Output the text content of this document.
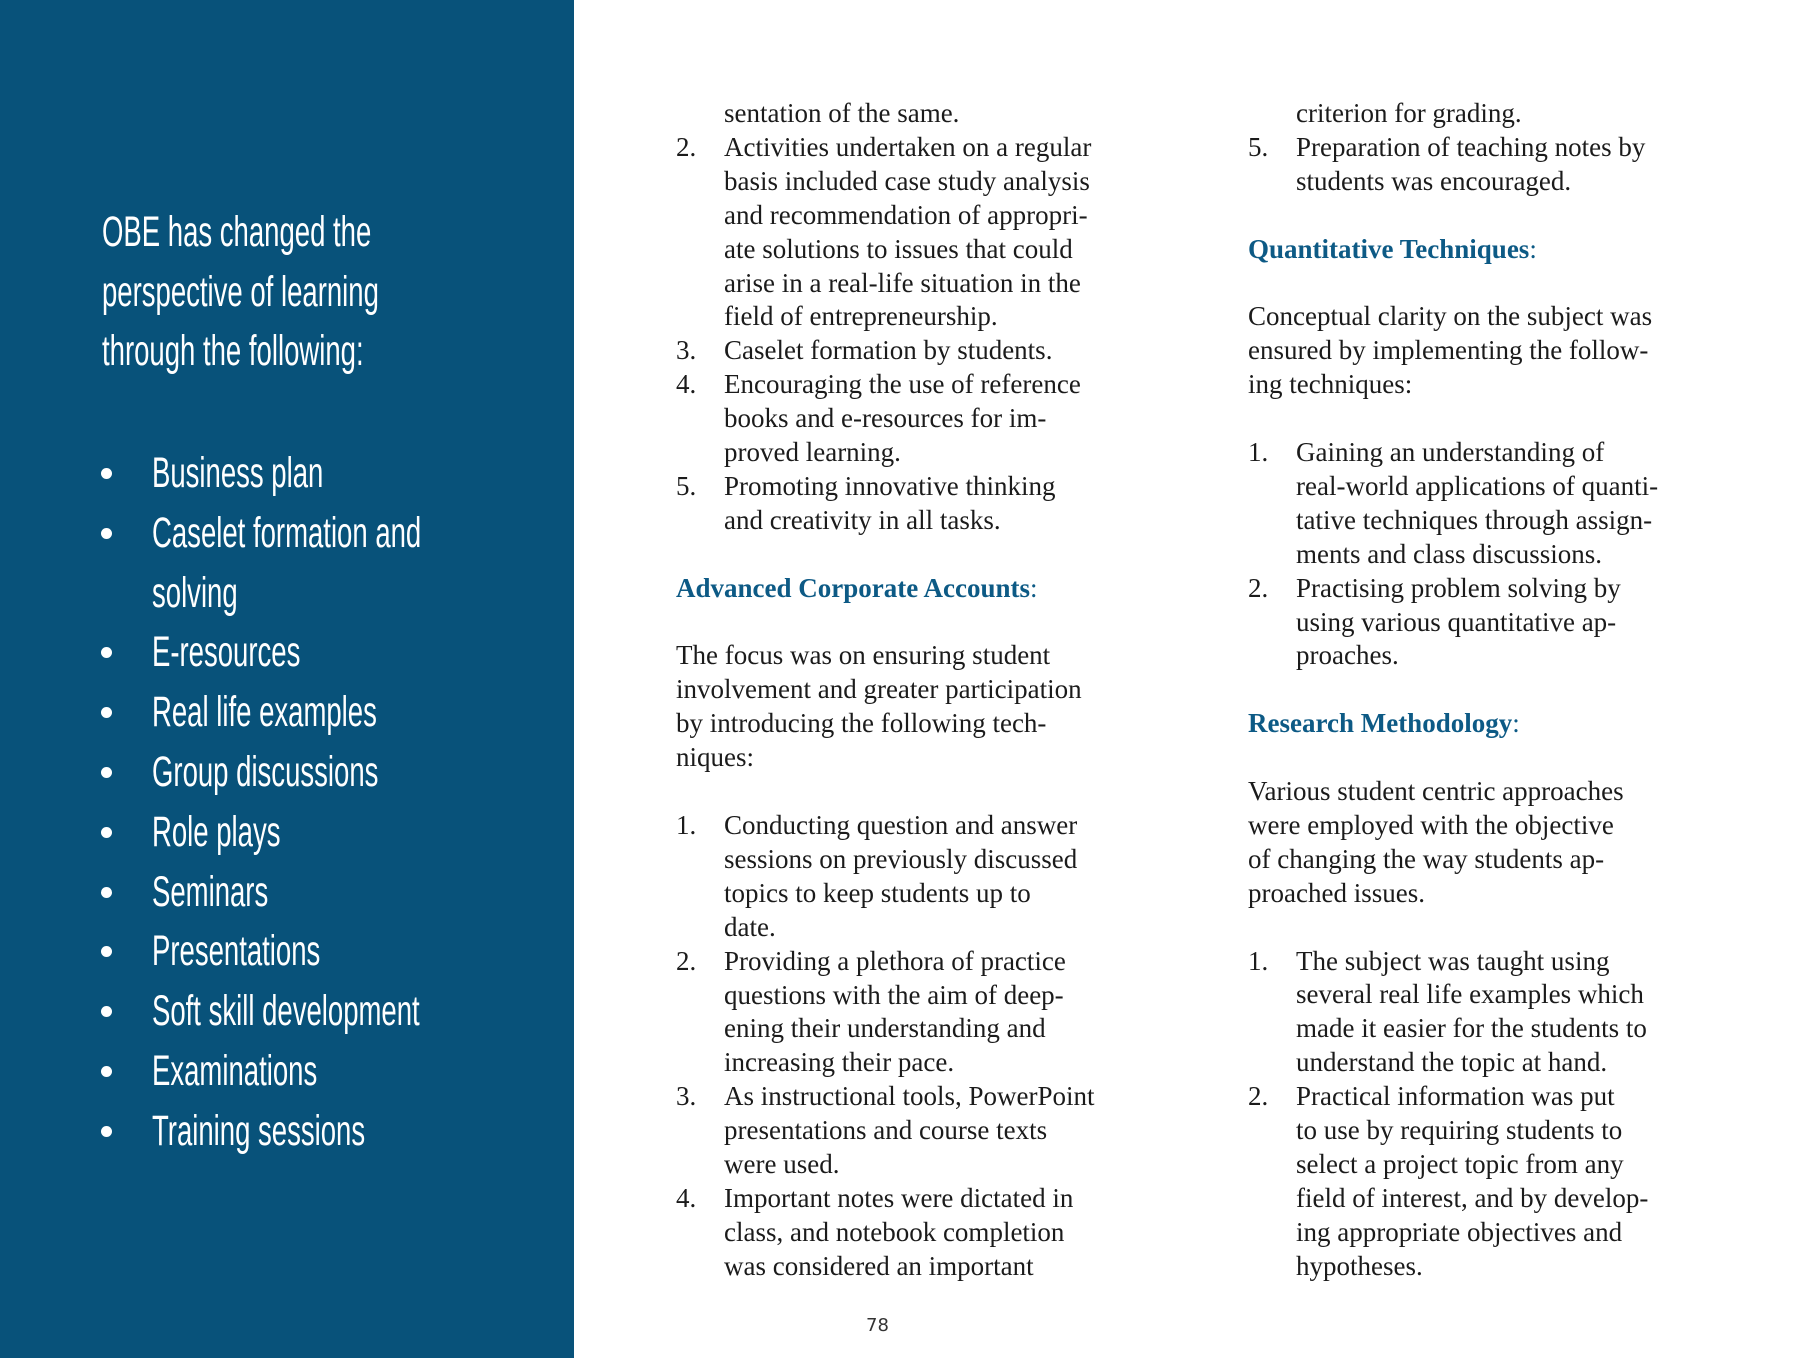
OBE has changed the
perspective of learning
through the following:
Business plan
Caselet formation and
solving
E-resources
Real life examples
Group discussions
Role plays
Seminars
Presentations
Soft skill development
Examinations
Training sessions
sentation of the same.
2. Activities undertaken on a regular
basis included case study analysis
and recommendation of appropri-
ate solutions to issues that could
arise in a real-life situation in the
field of entrepreneurship.
3. Caselet formation by students.
4. Encouraging the use of reference
books and e-resources for im-
proved learning.
5. Promoting innovative thinking
and creativity in all tasks.
Advanced Corporate Accounts:
The focus was on ensuring student
involvement and greater participation
by introducing the following tech-
niques:
1. Conducting question and answer
sessions on previously discussed
topics to keep students up to
date.
2. Providing a plethora of practice
questions with the aim of deep-
ening their understanding and
increasing their pace.
3. As instructional tools, PowerPoint
presentations and course texts
were used.
4. Important notes were dictated in
class, and notebook completion
was considered an important
criterion for grading.
5. Preparation of teaching notes by
students was encouraged.
Quantitative Techniques:
Conceptual clarity on the subject was
ensured by implementing the follow-
ing techniques:
1. Gaining an understanding of
real-world applications of quanti-
tative techniques through assign-
ments and class discussions.
2. Practising problem solving by
using various quantitative ap-
proaches.
Research Methodology:
Various student centric approaches
were employed with the objective
of changing the way students ap-
proached issues.
1. The subject was taught using
several real life examples which
made it easier for the students to
understand the topic at hand.
2. Practical information was put
to use by requiring students to
select a project topic from any
field of interest, and by develop-
ing appropriate objectives and
hypotheses.
78
